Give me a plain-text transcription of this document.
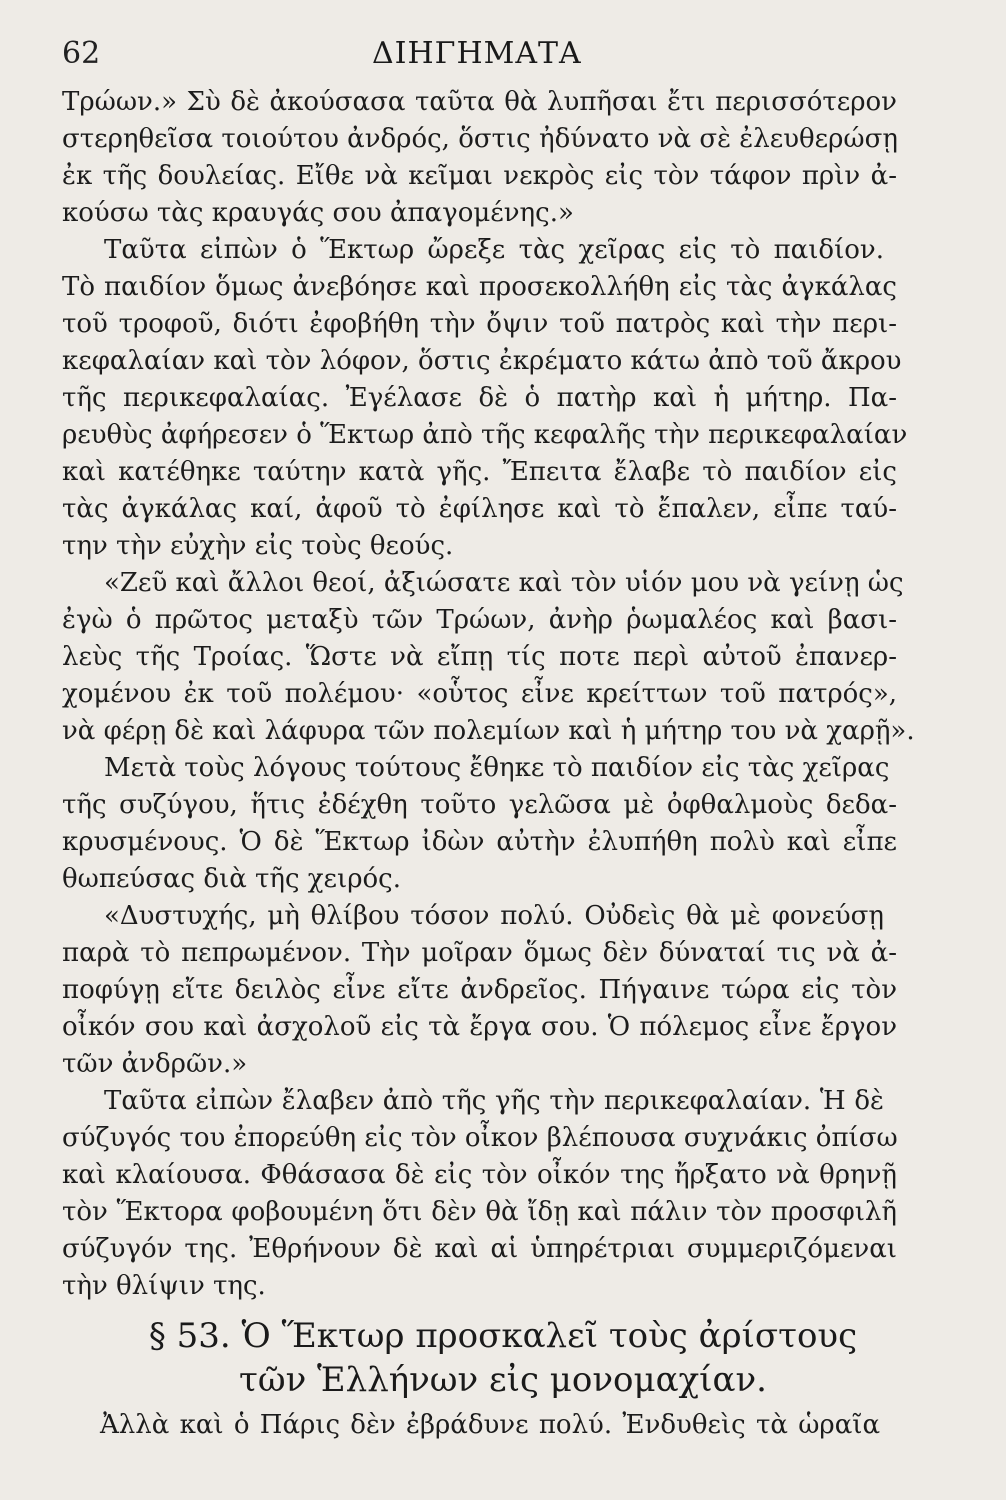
62	ΔΙΗΓΗΜΑΤΑ
Τρώων.» Σὺ δὲ ἀκούσασα ταῦτα θὰ λυπῆσαι ἔτι περισσότερον
στερηθεῖσα τοιούτου ἀνδρός, ὅστις ἠδύνατο νὰ σὲ ἐλευθερώσῃ
ἐκ τῆς δουλείας. Εἴθε νὰ κεῖμαι νεκρὸς εἰς τὸν τάφον πρὶν ἀ-
κούσω τὰς κραυγάς σου ἀπαγομένης.»
Ταῦτα εἰπὼν ὁ Ἕκτωρ ὤρεξε τὰς χεῖρας εἰς τὸ παιδίον.
Τὸ παιδίον ὅμως ἀνεβόησε καὶ προσεκολλήθη εἰς τὰς ἀγκάλας
τοῦ τροφοῦ, διότι ἐφοβήθη τὴν ὄψιν τοῦ πατρὸς καὶ τὴν περι-
κεφαλαίαν καὶ τὸν λόφον, ὅστις ἐκρέματο κάτω ἀπὸ τοῦ ἄκρου
τῆς περικεφαλαίας. Ἐγέλασε δὲ ὁ πατὴρ καὶ ἡ μήτηρ. Πα-
ρευθὺς ἀφήρεσεν ὁ Ἕκτωρ ἀπὸ τῆς κεφαλῆς τὴν περικεφαλαίαν
καὶ κατέθηκε ταύτην κατὰ γῆς. Ἔπειτα ἔλαβε τὸ παιδίον εἰς
τὰς ἀγκάλας καί, ἀφοῦ τὸ ἐφίλησε καὶ τὸ ἔπαλεν, εἶπε ταύ-
την τὴν εὐχὴν εἰς τοὺς θεούς.
«Ζεῦ καὶ ἄλλοι θεοί, ἀξιώσατε καὶ τὸν υἱόν μου νὰ γείνῃ ὡς
ἐγὼ ὁ πρῶτος μεταξὺ τῶν Τρώων, ἀνὴρ ῥωμαλέος καὶ βασι-
λεὺς τῆς Τροίας. Ὥστε νὰ εἴπῃ τίς ποτε περὶ αὐτοῦ ἐπανερ-
χομένου ἐκ τοῦ πολέμου· «οὗτος εἶνε κρείττων τοῦ πατρός»,
νὰ φέρῃ δὲ καὶ λάφυρα τῶν πολεμίων καὶ ἡ μήτηρ του νὰ χαρῇ».
Μετὰ τοὺς λόγους τούτους ἔθηκε τὸ παιδίον εἰς τὰς χεῖρας
τῆς συζύγου, ἥτις ἐδέχθη τοῦτο γελῶσα μὲ ὀφθαλμοὺς δεδα-
κρυσμένους. Ὁ δὲ Ἕκτωρ ἰδὼν αὐτὴν ἐλυπήθη πολὺ καὶ εἶπε
θωπεύσας διὰ τῆς χειρός.
«Δυστυχής, μὴ θλίβου τόσον πολύ. Οὐδεὶς θὰ μὲ φονεύσῃ
παρὰ τὸ πεπρωμένον. Τὴν μοῖραν ὅμως δὲν δύναταί τις νὰ ἀ-
ποφύγῃ εἴτε δειλὸς εἶνε εἴτε ἀνδρεῖος. Πήγαινε τώρα εἰς τὸν
οἶκόν σου καὶ ἀσχολοῦ εἰς τὰ ἔργα σου. Ὁ πόλεμος εἶνε ἔργον
τῶν ἀνδρῶν.»
Ταῦτα εἰπὼν ἔλαβεν ἀπὸ τῆς γῆς τὴν περικεφαλαίαν. Ἡ δὲ
σύζυγός του ἐπορεύθη εἰς τὸν οἶκον βλέπουσα συχνάκις ὀπίσω
καὶ κλαίουσα. Φθάσασα δὲ εἰς τὸν οἶκόν της ἤρξατο νὰ θρηνῇ
τὸν Ἕκτορα φοβουμένη ὅτι δὲν θὰ ἴδῃ καὶ πάλιν τὸν προσφιλῆ
σύζυγόν της. Ἐθρήνουν δὲ καὶ αἱ ὑπηρέτριαι συμμεριζόμεναι
τὴν θλίψιν της.
§ 53. Ὁ Ἕκτωρ προσκαλεῖ τοὺς ἀρίστους
τῶν Ἑλλήνων εἰς μονομαχίαν.
Ἀλλὰ καὶ ὁ Πάρις δὲν ἐβράδυνε πολύ. Ἐνδυθεὶς τὰ ὡραῖα
